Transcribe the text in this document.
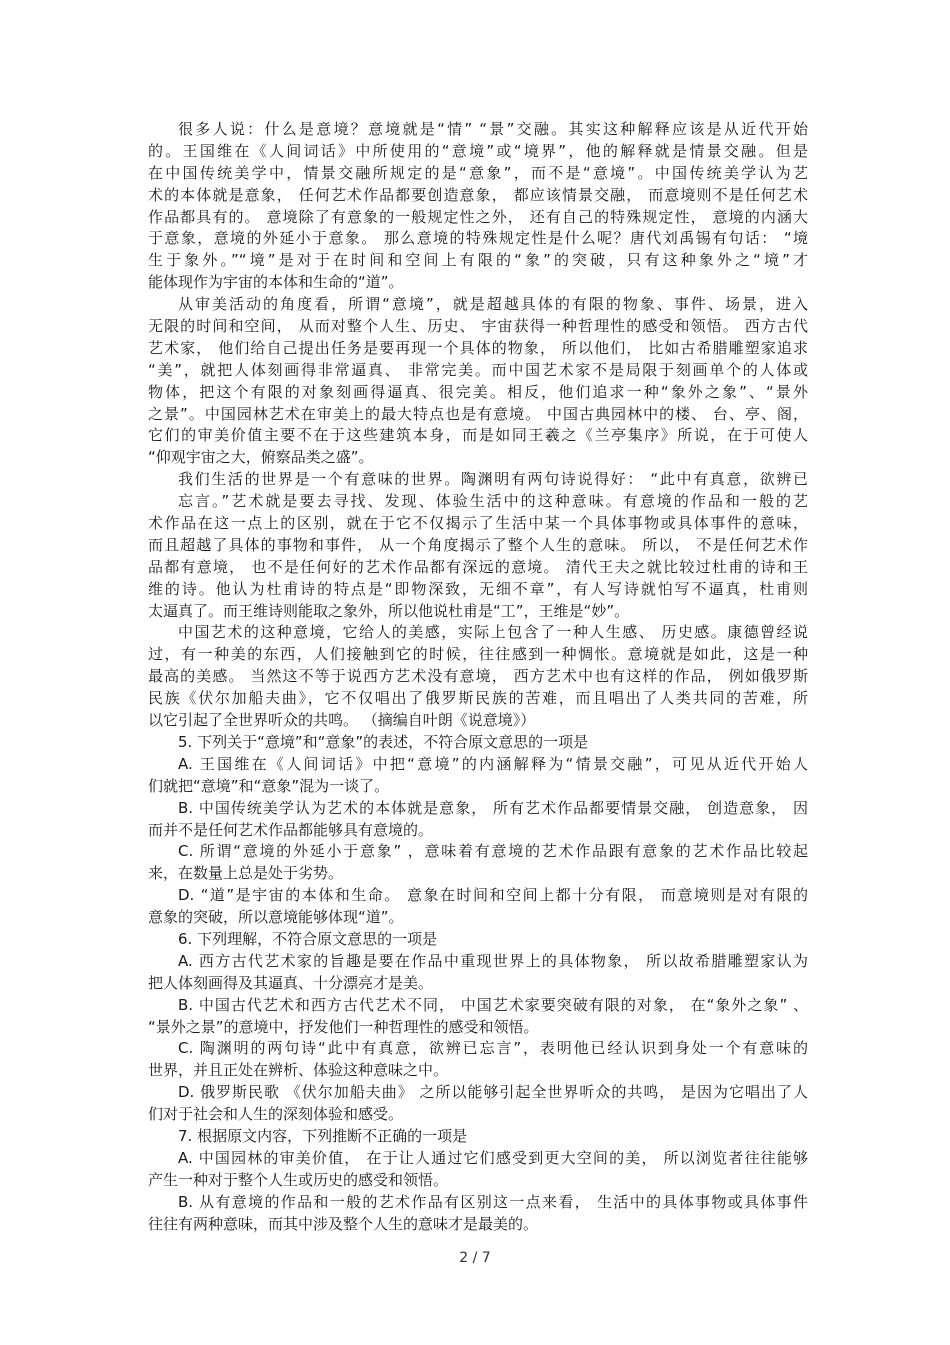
很多人说：什么是意境？意境就是“情” “景”交融。其实这种解释应该是从近代开始
的。王国维在《人间词话》中所使用的“意境”或“境界”，他的解释就是情景交融。但是
在中国传统美学中，情景交融所规定的是“意象”，而不是“意境”。中国传统美学认为艺
术的本体就是意象， 任何艺术作品都要创造意象， 都应该情景交融， 而意境则不是任何艺术
作品都具有的。 意境除了有意象的一般规定性之外， 还有自己的特殊规定性， 意境的内涵大
于意象，意境的外延小于意象。 那么意境的特殊规定性是什么呢？唐代刘禹锡有句话： “境
生于象外。”“境”是对于在时间和空间上有限的“象”的突破，只有这种象外之“境”才
能体现作为宇宙的本体和生命的“道”。
从审美活动的角度看，所谓“意境”，就是超越具体的有限的物象、事件、场景，进入
无限的时间和空间， 从而对整个人生、历史、 宇宙获得一种哲理性的感受和领悟。 西方古代
艺术家， 他们给自己提出任务是要再现一个具体的物象， 所以他们， 比如古希腊雕塑家追求
“美”，就把人体刻画得非常逼真、 非常完美。而中国艺术家不是局限于刻画单个的人体或
物体，把这个有限的对象刻画得逼真、很完美。相反，他们追求一种“象外之象”、“景外
之景”。中国园林艺术在审美上的最大特点也是有意境。 中国古典园林中的楼、 台、亭、阁，
它们的审美价值主要不在于这些建筑本身，而是如同王羲之《兰亭集序》所说，在于可使人
“仰观宇宙之大，俯察品类之盛”。
我们生活的世界是一个有意味的世界。陶渊明有两句诗说得好： “此中有真意，欲辨已
忘言。”艺术就是要去寻找、发现、体验生活中的这种意味。有意境的作品和一般的艺
术作品在这一点上的区别，就在于它不仅揭示了生活中某一个具体事物或具体事件的意味，
而且超越了具体的事物和事件， 从一个角度揭示了整个人生的意味。 所以， 不是任何艺术作
品都有意境， 也不是任何好的艺术作品都有深远的意境。 清代王夫之就比较过杜甫的诗和王
维的诗。他认为杜甫诗的特点是“即物深致，无细不章”，有人写诗就怕写不逼真，杜甫则
太逼真了。而王维诗则能取之象外，所以他说杜甫是“工”，王维是“妙”。
中国艺术的这种意境，它给人的美感，实际上包含了一种人生感、 历史感。康德曾经说
过，有一种美的东西，人们接触到它的时候，往往感到一种惆怅。意境就是如此，这是一种
最高的美感。 当然这不等于说西方艺术没有意境， 西方艺术中也有这样的作品， 例如俄罗斯
民族《伏尔加船夫曲》，它不仅唱出了俄罗斯民族的苦难，而且唱出了人类共同的苦难，所
以它引起了全世界听众的共鸣。 （摘编自叶朗《说意境》）
5. 下列关于“意境”和“意象”的表述，不符合原文意思的一项是
A. 王国维在《人间词话》中把“意境”的内涵解释为“情景交融”，可见从近代开始人
们就把“意境”和“意象”混为一谈了。
B. 中国传统美学认为艺术的本体就是意象， 所有艺术作品都要情景交融， 创造意象， 因
而并不是任何艺术作品都能够具有意境的。
C. 所谓“意境的外延小于意象” ，意味着有意境的艺术作品跟有意象的艺术作品比较起
来，在数量上总是处于劣势。
D. “道”是宇宙的本体和生命。 意象在时间和空间上都十分有限， 而意境则是对有限的
意象的突破，所以意境能够体现“道”。
6. 下列理解，不符合原文意思的一项是
A. 西方古代艺术家的旨趣是要在作品中重现世界上的具体物象， 所以故希腊雕塑家认为
把人体刻画得及其逼真、十分漂亮才是美。
B. 中国古代艺术和西方古代艺术不同， 中国艺术家要突破有限的对象， 在“象外之象” 、
“景外之景”的意境中，抒发他们一种哲理性的感受和领悟。
C. 陶渊明的两句诗“此中有真意，欲辨已忘言”，表明他已经认识到身处一个有意味的
世界，并且正处在辨析、体验这种意味之中。
D. 俄罗斯民歌 《伏尔加船夫曲》 之所以能够引起全世界听众的共鸣， 是因为它唱出了人
们对于社会和人生的深刻体验和感受。
7. 根据原文内容，下列推断不正确的一项是
A. 中国园林的审美价值， 在于让人通过它们感受到更大空间的美， 所以浏览者往往能够
产生一种对于整个人生或历史的感受和领悟。
B. 从有意境的作品和一般的艺术作品有区别这一点来看， 生活中的具体事物或具体事件
往往有两种意味，而其中涉及整个人生的意味才是最美的。
2 / 7
